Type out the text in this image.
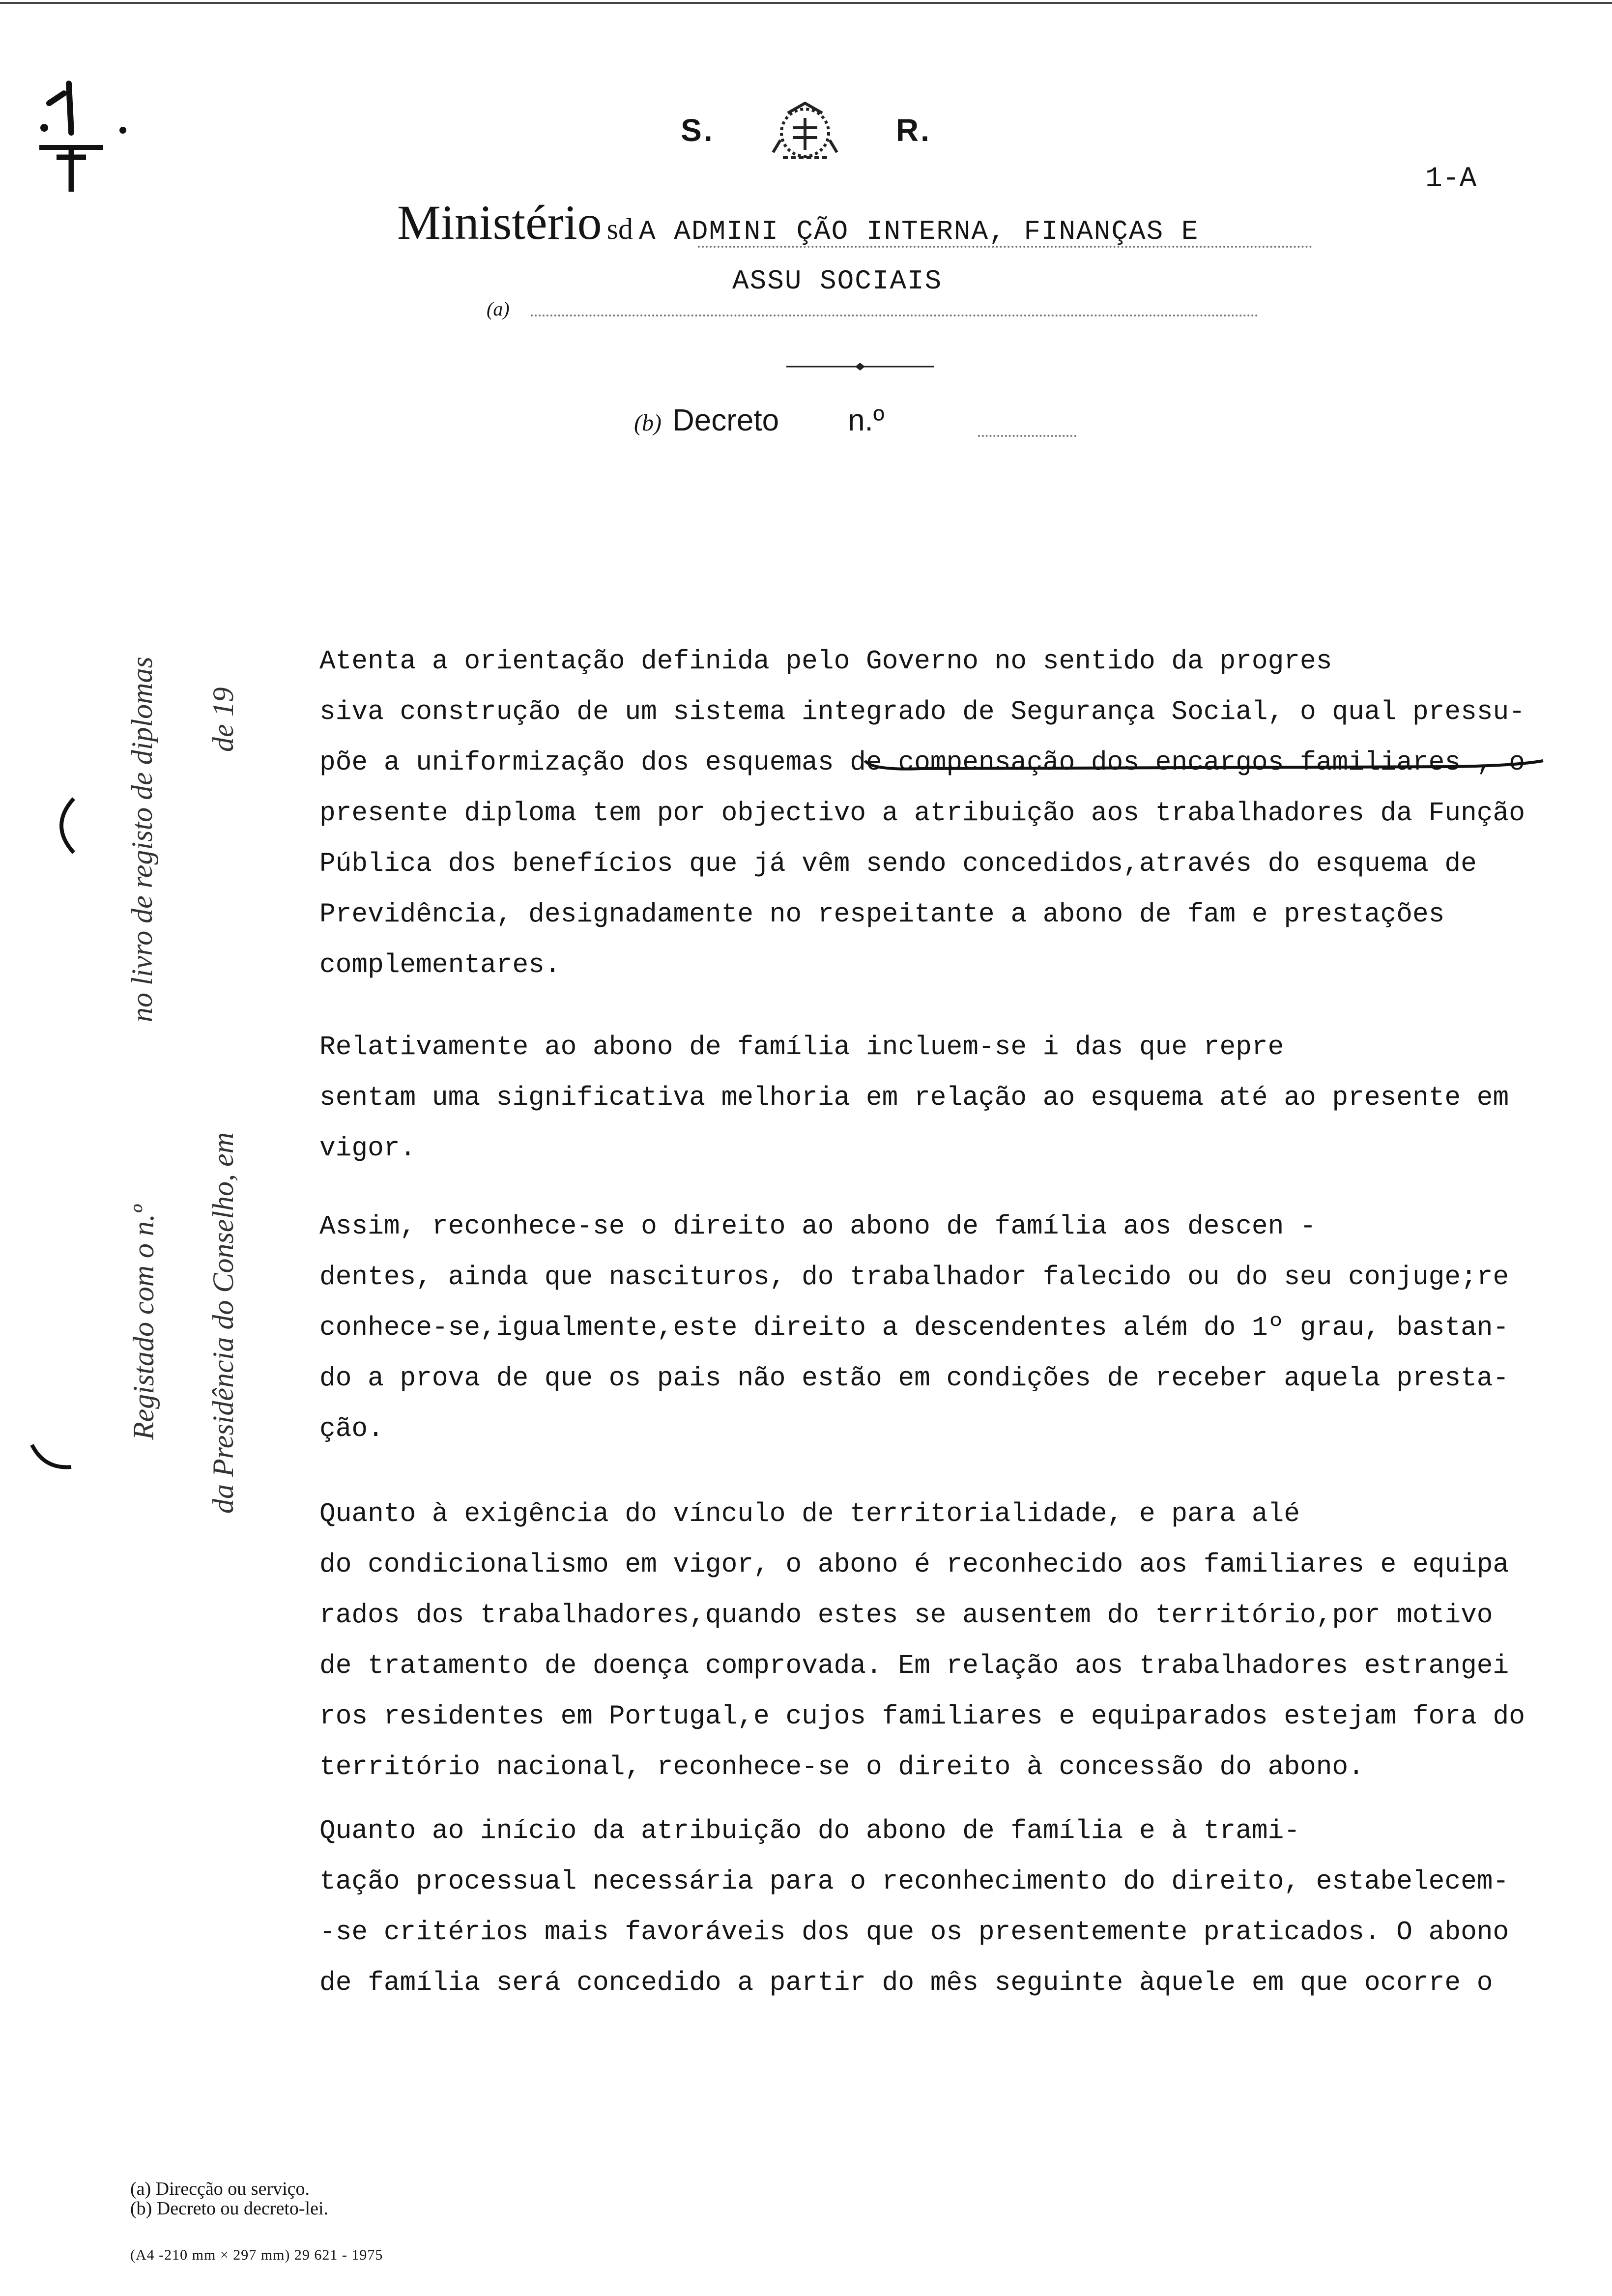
S.	R.
1-A
Ministério sd A ADMINI ÇÃO INTERNA, FINANÇAS E
ASSU SOCIAIS
(a)
(b) Decreto n.º
Atenta a orientação definida pelo Governo no sentido da progres
siva construção de um sistema integrado de Segurança Social, o qual pressu-
põe a uniformização dos esquemas de compensação dos encargos familiares , o
presente diploma tem por objectivo a atribuição aos trabalhadores da Função
Pública dos benefícios que já vêm sendo concedidos,através do esquema de
Previdência, designadamente no respeitante a abono de fam e prestações
complementares.
Relativamente ao abono de família incluem-se i das que repre
sentam uma significativa melhoria em relação ao esquema até ao presente em
vigor.
Assim, reconhece-se o direito ao abono de família aos descen -
dentes, ainda que nascituros, do trabalhador falecido ou do seu conjuge;re
conhece-se,igualmente,este direito a descendentes além do 1º grau, bastan-
do a prova de que os pais não estão em condições de receber aquela presta-
ção.
Quanto à exigência do vínculo de territorialidade, e para alé
do condicionalismo em vigor, o abono é reconhecido aos familiares e equipa
rados dos trabalhadores,quando estes se ausentem do território,por motivo
de tratamento de doença comprovada. Em relação aos trabalhadores estrangei
ros residentes em Portugal,e cujos familiares e equiparados estejam fora do
território nacional, reconhece-se o direito à concessão do abono.
Quanto ao início da atribuição do abono de família e à trami-
tação processual necessária para o reconhecimento do direito, estabelecem-
-se critérios mais favoráveis dos que os presentemente praticados. O abono
de família será concedido a partir do mês seguinte àquele em que ocorre o
no livro de registo de diplomas de 19
Registado com o n.º da Presidência do Conselho, em
(a) Direcção ou serviço.
(b) Decreto ou decreto-lei.
(A4 -210 mm × 297 mm) 29 621 - 1975
